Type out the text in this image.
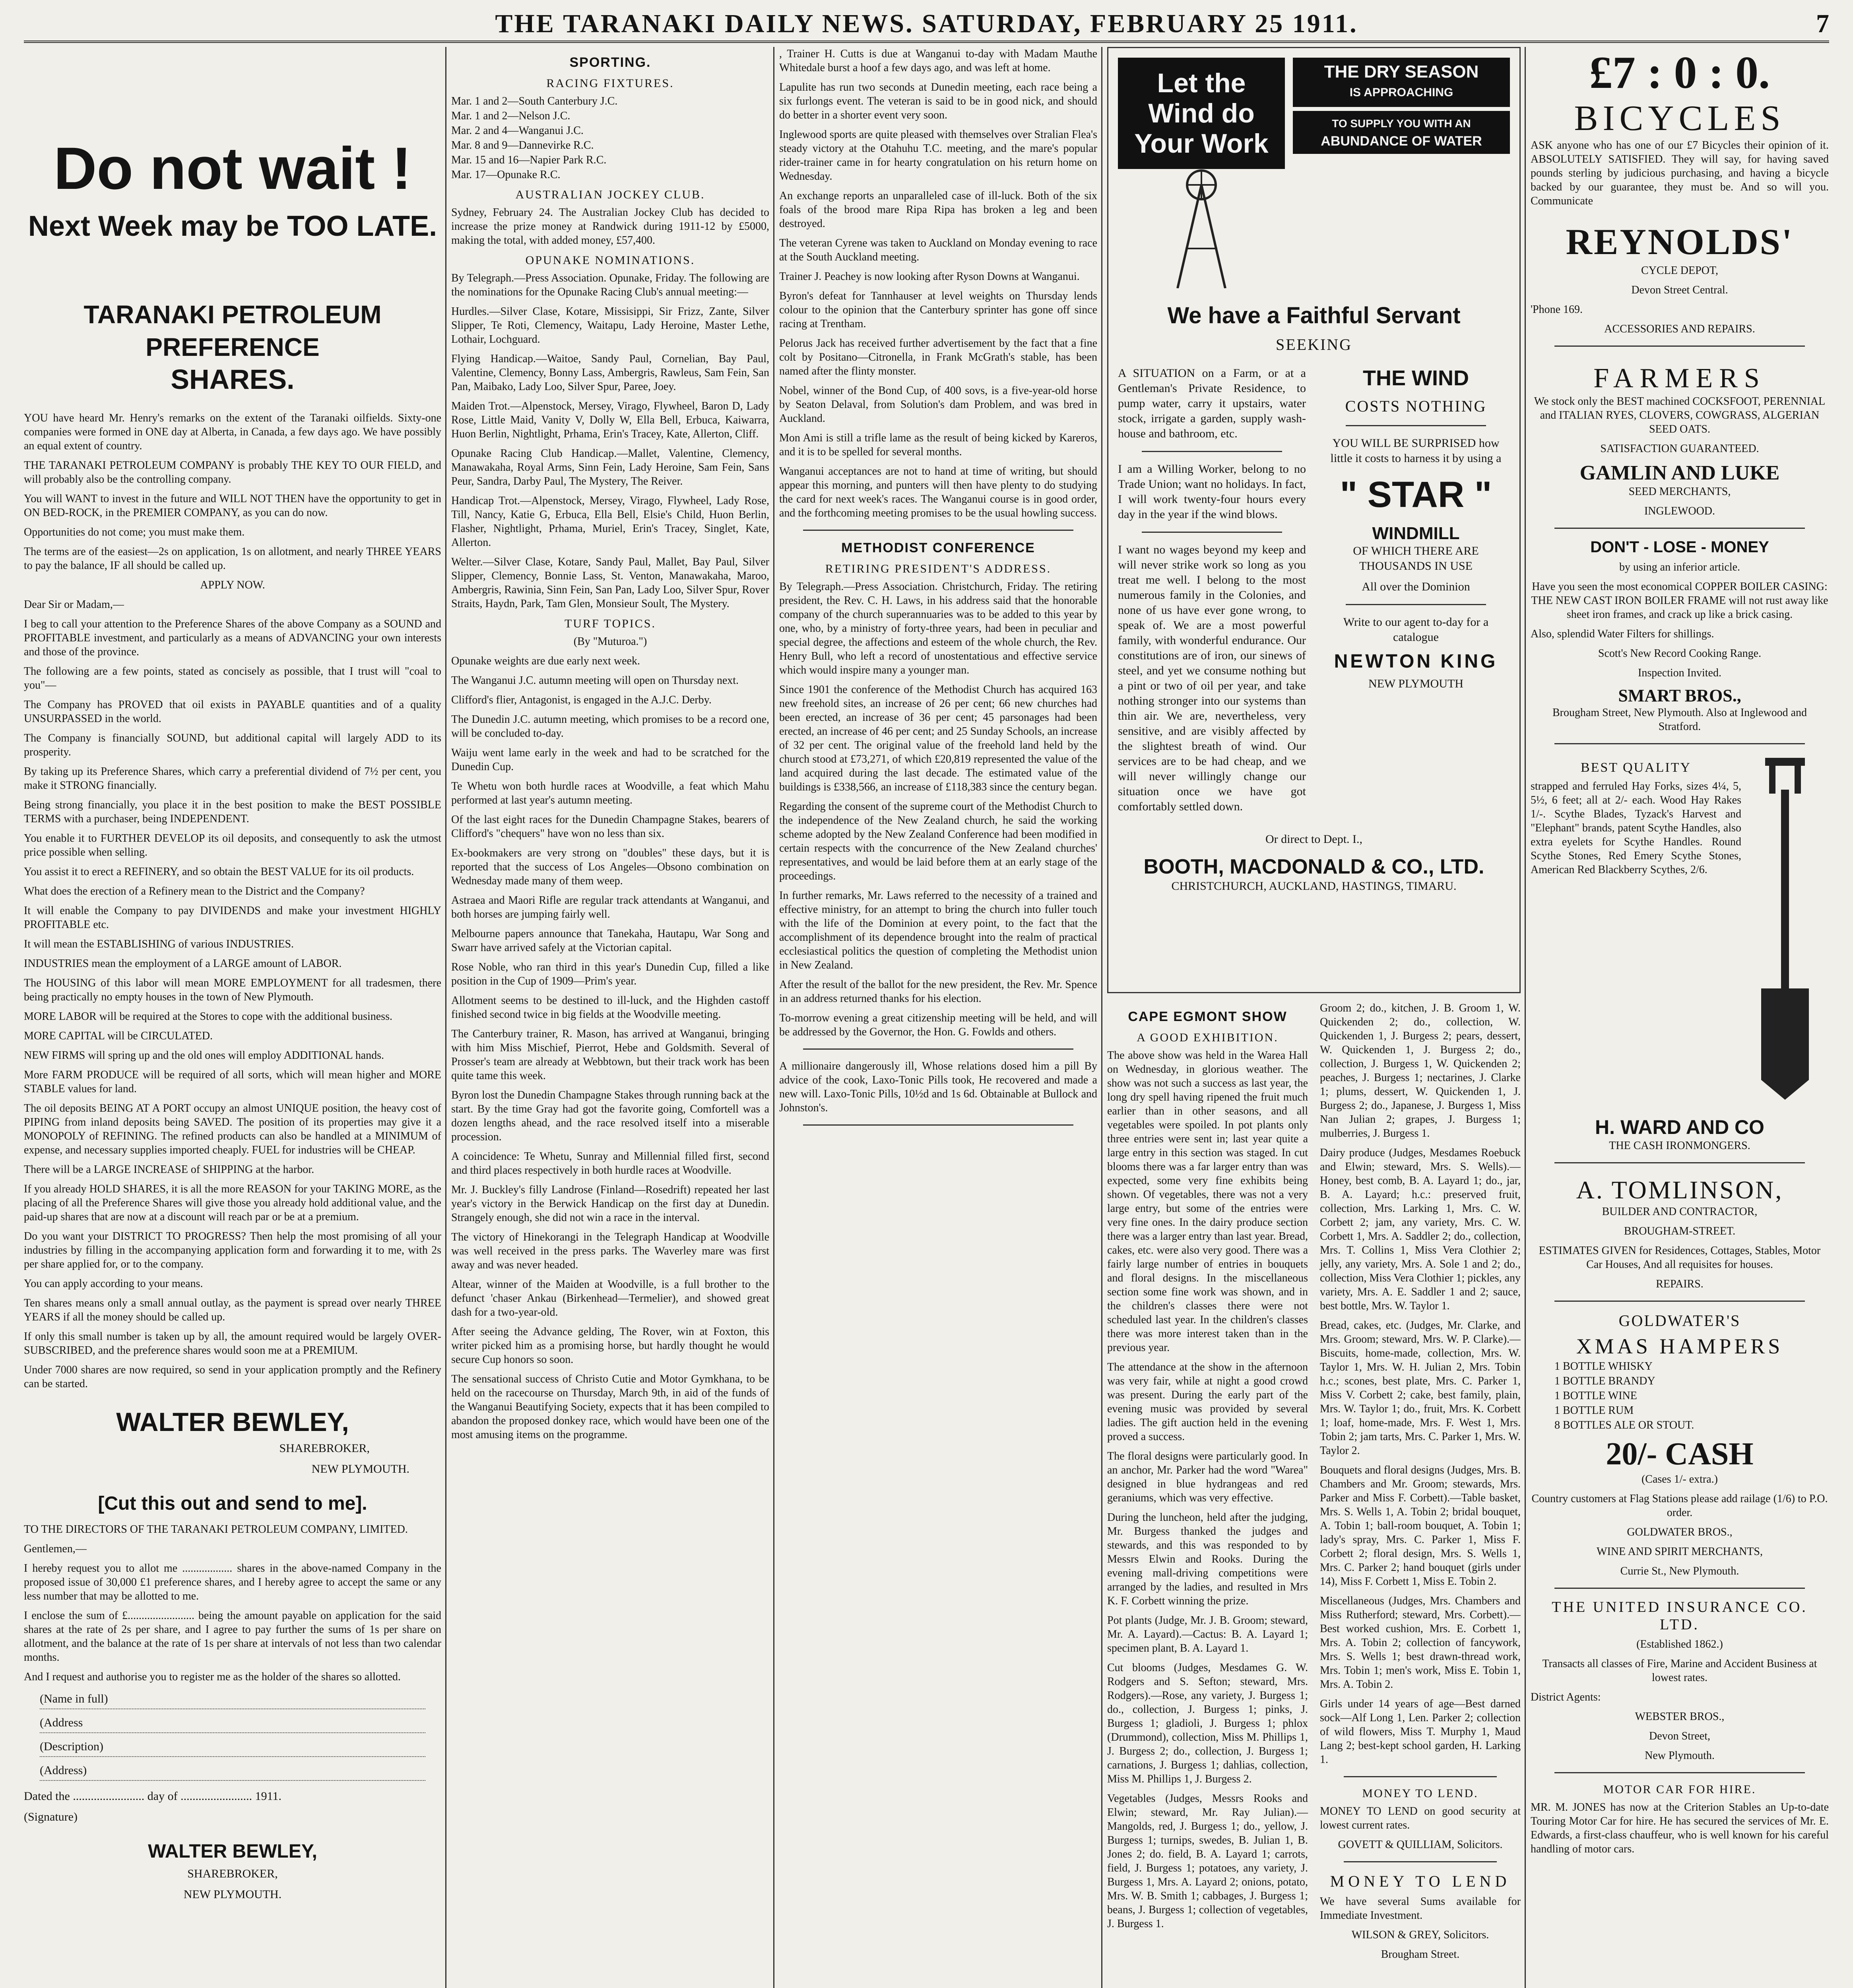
THE TARANAKI DAILY NEWS. SATURDAY, FEBRUARY 25 1911.	7
Do not wait !
Next Week may be TOO LATE.
TARANAKI PETROLEUM PREFERENCE
SHARES.

YOU have heard Mr. Henry's remarks on the extent of the Taranaki oilfields. Sixty-one companies were formed in ONE day at Alberta, in Canada, a few days ago. We have possibly an equal extent of country.

THE TARANAKI PETROLEUM COMPANY is probably THE KEY TO OUR FIELD, and will probably also be the controlling company.

You will WANT to invest in the future and WILL NOT THEN have the opportunity to get in ON BED-ROCK, in the PREMIER COMPANY, as you can do now.

Opportunities do not come; you must make them.

The terms are of the easiest—2s on application, 1s on allotment, and nearly THREE YEARS to pay the balance, IF all should be called up.

APPLY NOW.

Dear Sir or Madam,—

I beg to call your attention to the Preference Shares of the above Company as a SOUND and PROFITABLE investment, and particularly as a means of ADVANCING your own interests and those of the province.

The following are a few points, stated as concisely as possible, that I trust will "coal to you"—

The Company has PROVED that oil exists in PAYABLE quantities and of a quality UNSURPASSED in the world.

The Company is financially SOUND, but additional capital will largely ADD to its prosperity.

By taking up its Preference Shares, which carry a preferential dividend of 7½ per cent, you make it STRONG financially.

Being strong financially, you place it in the best position to make the BEST POSSIBLE TERMS with a purchaser, being INDEPENDENT.

You enable it to FURTHER DEVELOP its oil deposits, and consequently to ask the utmost price possible when selling.

You assist it to erect a REFINERY, and so obtain the BEST VALUE for its oil products.

What does the erection of a Refinery mean to the District and the Company?

It will enable the Company to pay DIVIDENDS and make your investment HIGHLY PROFITABLE etc.

It will mean the ESTABLISHING of various INDUSTRIES.

INDUSTRIES mean the employment of a LARGE amount of LABOR.

The HOUSING of this labor will mean MORE EMPLOYMENT for all tradesmen, there being practically no empty houses in the town of New Plymouth.

MORE LABOR will be required at the Stores to cope with the additional business.

MORE CAPITAL will be CIRCULATED.

NEW FIRMS will spring up and the old ones will employ ADDITIONAL hands.

More FARM PRODUCE will be required of all sorts, which will mean higher and MORE STABLE values for land.

The oil deposits BEING AT A PORT occupy an almost UNIQUE position, the heavy cost of PIPING from inland deposits being SAVED. The position of its properties may give it a MONOPOLY of REFINING. The refined products can also be handled at a MINIMUM of expense, and necessary supplies imported cheaply. FUEL for industries will be CHEAP.

There will be a LARGE INCREASE of SHIPPING at the harbor.

If you already HOLD SHARES, it is all the more REASON for your TAKING MORE, as the placing of all the Preference Shares will give those you already hold additional value, and the paid-up shares that are now at a discount will reach par or be at a premium.

Do you want your DISTRICT TO PROGRESS? Then help the most promising of all your industries by filling in the accompanying application form and forwarding it to me, with 2s per share applied for, or to the company.

You can apply according to your means.

Ten shares means only a small annual outlay, as the payment is spread over nearly THREE YEARS if all the money should be called up.

If only this small number is taken up by all, the amount required would be largely OVER-SUBSCRIBED, and the preference shares would soon me at a PREMIUM.

Under 7000 shares are now required, so send in your application promptly and the Refinery can be started.

WALTER BEWLEY,

SHAREBROKER,

NEW PLYMOUTH.

[Cut this out and send to me].

TO THE DIRECTORS OF THE TARANAKI PETROLEUM COMPANY, LIMITED.

Gentlemen,—

I hereby request you to allot me .................. shares in the above-named Company in the proposed issue of 30,000 £1 preference shares, and I hereby agree to accept the same or any less number that may be allotted to me.

I enclose the sum of £........................ being the amount payable on application for the said shares at the rate of 2s per share, and I agree to pay further the sums of 1s per share on allotment, and the balance at the rate of 1s per share at intervals of not less than two calendar months.

And I request and authorise you to register me as the holder of the shares so allotted.

(Name in full)
(Address
(Description)
(Address)

Dated the ........................ day of ........................ 1911.

(Signature)

WALTER BEWLEY,

SHAREBROKER,

NEW PLYMOUTH.

SPORTING.
RACING FIXTURES.

Mar. 1 and 2—South Canterbury J.C.

Mar. 1 and 2—Nelson J.C.

Mar. 2 and 4—Wanganui J.C.

Mar. 8 and 9—Dannevirke R.C.

Mar. 15 and 16—Napier Park R.C.

Mar. 17—Opunake R.C.

AUSTRALIAN JOCKEY CLUB.

Sydney, February 24. The Australian Jockey Club has decided to increase the prize money at Randwick during 1911-12 by £5000, making the total, with added money, £57,400.

OPUNAKE NOMINATIONS.

By Telegraph.—Press Association. Opunake, Friday. The following are the nominations for the Opunake Racing Club's annual meeting:—

Hurdles.—Silver Clase, Kotare, Missisippi, Sir Frizz, Zante, Silver Slipper, Te Roti, Clemency, Waitapu, Lady Heroine, Master Lethe, Lothair, Lochguard.

Flying Handicap.—Waitoe, Sandy Paul, Cornelian, Bay Paul, Valentine, Clemency, Bonny Lass, Ambergris, Rawleus, Sam Fein, San Pan, Maibako, Lady Loo, Silver Spur, Paree, Joey.

Maiden Trot.—Alpenstock, Mersey, Virago, Flywheel, Baron D, Lady Rose, Little Maid, Vanity V, Dolly W, Ella Bell, Erbuca, Kaiwarra, Huon Berlin, Nightlight, Prhama, Erin's Tracey, Kate, Allerton, Cliff.

Opunake Racing Club Handicap.—Mallet, Valentine, Clemency, Manawakaha, Royal Arms, Sinn Fein, Lady Heroine, Sam Fein, Sans Peur, Sandra, Darby Paul, The Mystery, The Reiver.

Handicap Trot.—Alpenstock, Mersey, Virago, Flywheel, Lady Rose, Till, Nancy, Katie G, Erbuca, Ella Bell, Elsie's Child, Huon Berlin, Flasher, Nightlight, Prhama, Muriel, Erin's Tracey, Singlet, Kate, Allerton.

Welter.—Silver Clase, Kotare, Sandy Paul, Mallet, Bay Paul, Silver Slipper, Clemency, Bonnie Lass, St. Venton, Manawakaha, Maroo, Ambergris, Rawinia, Sinn Fein, San Pan, Lady Loo, Silver Spur, Rover Straits, Haydn, Park, Tam Glen, Monsieur Soult, The Mystery.

TURF TOPICS.

(By "Muturoa.")

Opunake weights are due early next week.

The Wanganui J.C. autumn meeting will open on Thursday next.

Clifford's flier, Antagonist, is engaged in the A.J.C. Derby.

The Dunedin J.C. autumn meeting, which promises to be a record one, will be concluded to-day.

Waiju went lame early in the week and had to be scratched for the Dunedin Cup.

Te Whetu won both hurdle races at Woodville, a feat which Mahu performed at last year's autumn meeting.

Of the last eight races for the Dunedin Champagne Stakes, bearers of Clifford's "chequers" have won no less than six.

Ex-bookmakers are very strong on "doubles" these days, but it is reported that the success of Los Angeles—Obsono combination on Wednesday made many of them weep.

Astraea and Maori Rifle are regular track attendants at Wanganui, and both horses are jumping fairly well.

Melbourne papers announce that Tanekaha, Hautapu, War Song and Swarr have arrived safely at the Victorian capital.

Rose Noble, who ran third in this year's Dunedin Cup, filled a like position in the Cup of 1909—Prim's year.

Allotment seems to be destined to ill-luck, and the Highden castoff finished second twice in big fields at the Woodville meeting.

The Canterbury trainer, R. Mason, has arrived at Wanganui, bringing with him Miss Mischief, Pierrot, Hebe and Goldsmith. Several of Prosser's team are already at Webbtown, but their track work has been quite tame this week.

Byron lost the Dunedin Champagne Stakes through running back at the start. By the time Gray had got the favorite going, Comfortell was a dozen lengths ahead, and the race resolved itself into a miserable procession.

A coincidence: Te Whetu, Sunray and Millennial filled first, second and third places respectively in both hurdle races at Woodville.

Mr. J. Buckley's filly Landrose (Finland—Rosedrift) repeated her last year's victory in the Berwick Handicap on the first day at Dunedin. Strangely enough, she did not win a race in the interval.

The victory of Hinekorangi in the Telegraph Handicap at Woodville was well received in the press parks. The Waverley mare was first away and was never headed.

Altear, winner of the Maiden at Woodville, is a full brother to the defunct 'chaser Ankau (Birkenhead—Termelier), and showed great dash for a two-year-old.

After seeing the Advance gelding, The Rover, win at Foxton, this writer picked him as a promising horse, but hardly thought he would secure Cup honors so soon.

The sensational success of Christo Cutie and Motor Gymkhana, to be held on the racecourse on Thursday, March 9th, in aid of the funds of the Wanganui Beautifying Society, expects that it has been compiled to abandon the proposed donkey race, which would have been one of the most amusing items on the programme.

, Trainer H. Cutts is due at Wanganui to-day with Madam Mauthe Whitedale burst a hoof a few days ago, and was left at home.

Lapulite has run two seconds at Dunedin meeting, each race being a six furlongs event. The veteran is said to be in good nick, and should do better in a shorter event very soon.

Inglewood sports are quite pleased with themselves over Stralian Flea's steady victory at the Otahuhu T.C. meeting, and the mare's popular rider-trainer came in for hearty congratulation on his return home on Wednesday.

An exchange reports an unparalleled case of ill-luck. Both of the six foals of the brood mare Ripa Ripa has broken a leg and been destroyed.

The veteran Cyrene was taken to Auckland on Monday evening to race at the South Auckland meeting.

Trainer J. Peachey is now looking after Ryson Downs at Wanganui.

Byron's defeat for Tannhauser at level weights on Thursday lends colour to the opinion that the Canterbury sprinter has gone off since racing at Trentham.

Pelorus Jack has received further advertisement by the fact that a fine colt by Positano—Citronella, in Frank McGrath's stable, has been named after the flinty monster.

Nobel, winner of the Bond Cup, of 400 sovs, is a five-year-old horse by Seaton Delaval, from Solution's dam Problem, and was bred in Auckland.

Mon Ami is still a trifle lame as the result of being kicked by Kareros, and it is to be spelled for several months.

Wanganui acceptances are not to hand at time of writing, but should appear this morning, and punters will then have plenty to do studying the card for next week's races. The Wanganui course is in good order, and the forthcoming meeting promises to be the usual howling success.

METHODIST CONFERENCE
RETIRING PRESIDENT'S ADDRESS.

By Telegraph.—Press Association. Christchurch, Friday. The retiring president, the Rev. C. H. Laws, in his address said that the honorable company of the church superannuaries was to be added to this year by one, who, by a ministry of forty-three years, had been in peculiar and special degree, the affections and esteem of the whole church, the Rev. Henry Bull, who left a record of unostentatious and effective service which would inspire many a younger man.

Since 1901 the conference of the Methodist Church has acquired 163 new freehold sites, an increase of 26 per cent; 66 new churches had been erected, an increase of 36 per cent; 45 parsonages had been erected, an increase of 46 per cent; and 25 Sunday Schools, an increase of 32 per cent. The original value of the freehold land held by the church stood at £73,271, of which £20,819 represented the value of the land acquired during the last decade. The estimated value of the buildings is £338,566, an increase of £118,383 since the century began.

Regarding the consent of the supreme court of the Methodist Church to the independence of the New Zealand church, he said the working scheme adopted by the New Zealand Conference had been modified in certain respects with the concurrence of the New Zealand churches' representatives, and would be laid before them at an early stage of the proceedings.

In further remarks, Mr. Laws referred to the necessity of a trained and effective ministry, for an attempt to bring the church into fuller touch with the life of the Dominion at every point, to the fact that the accomplishment of its dependence brought into the realm of practical ecclesiastical politics the question of completing the Methodist union in New Zealand.

After the result of the ballot for the new president, the Rev. Mr. Spence in an address returned thanks for his election.

To-morrow evening a great citizenship meeting will be held, and will be addressed by the Governor, the Hon. G. Fowlds and others.

A millionaire dangerously ill, Whose relations dosed him a pill By advice of the cook, Laxo-Tonic Pills took, He recovered and made a new will. Laxo-Tonic Pills, 10½d and 1s 6d. Obtainable at Bullock and Johnston's.

Let the
Wind do
Your Work
THE DRY SEASON
IS APPROACHING
TO SUPPLY YOU WITH AN
ABUNDANCE OF WATER
We have a Faithful Servant
SEEKING

A SITUATION on a Farm, or at a Gentleman's Private Residence, to pump water, carry it upstairs, water stock, irrigate a garden, supply wash-house and bathroom, etc.

I am a Willing Worker, belong to no Trade Union; want no holidays. In fact, I will work twenty-four hours every day in the year if the wind blows.

I want no wages beyond my keep and will never strike work so long as you treat me well. I belong to the most numerous family in the Colonies, and none of us have ever gone wrong, to speak of. We are a most powerful family, with wonderful endurance. Our constitutions are of iron, our sinews of steel, and yet we consume nothing but a pint or two of oil per year, and take nothing stronger into our systems than thin air. We are, nevertheless, very sensitive, and are visibly affected by the slightest breath of wind. Our services are to be had cheap, and we will never willingly change our situation once we have got comfortably settled down.

THE WIND
COSTS NOTHING

YOU WILL BE SURPRISED how little it costs to harness it by using a

" STAR "
WINDMILL

OF WHICH THERE ARE THOUSANDS IN USE

All over the Dominion

Write to our agent to-day for a catalogue

NEWTON KING

NEW PLYMOUTH

Or direct to Dept. I.,

BOOTH, MACDONALD & CO., LTD.

CHRISTCHURCH, AUCKLAND, HASTINGS, TIMARU.

CAPE EGMONT SHOW
A GOOD EXHIBITION.

The above show was held in the Warea Hall on Wednesday, in glorious weather. The show was not such a success as last year, the long dry spell having ripened the fruit much earlier than in other seasons, and all vegetables were spoiled. In pot plants only three entries were sent in; last year quite a large entry in this section was staged. In cut blooms there was a far larger entry than was expected, some very fine exhibits being shown. Of vegetables, there was not a very large entry, but some of the entries were very fine ones. In the dairy produce section there was a larger entry than last year. Bread, cakes, etc. were also very good. There was a fairly large number of entries in bouquets and floral designs. In the miscellaneous section some fine work was shown, and in the children's classes there were not scheduled last year. In the children's classes there was more interest taken than in the previous year.

The attendance at the show in the afternoon was very fair, while at night a good crowd was present. During the early part of the evening music was provided by several ladies. The gift auction held in the evening proved a success.

The floral designs were particularly good. In an anchor, Mr. Parker had the word "Warea" designed in blue hydrangeas and red geraniums, which was very effective.

During the luncheon, held after the judging, Mr. Burgess thanked the judges and stewards, and this was responded to by Messrs Elwin and Rooks. During the evening mall-driving competitions were arranged by the ladies, and resulted in Mrs K. F. Corbett winning the prize.

Pot plants (Judge, Mr. J. B. Groom; steward, Mr. A. Layard).—Cactus: B. A. Layard 1; specimen plant, B. A. Layard 1.

Cut blooms (Judges, Mesdames G. W. Rodgers and S. Sefton; steward, Mrs. Rodgers).—Rose, any variety, J. Burgess 1; do., collection, J. Burgess 1; pinks, J. Burgess 1; gladioli, J. Burgess 1; phlox (Drummond), collection, Miss M. Phillips 1, J. Burgess 2; do., collection, J. Burgess 1; carnations, J. Burgess 1; dahlias, collection, Miss M. Phillips 1, J. Burgess 2.

Vegetables (Judges, Messrs Rooks and Elwin; steward, Mr. Ray Julian).—Mangolds, red, J. Burgess 1; do., yellow, J. Burgess 1; turnips, swedes, B. Julian 1, B. Jones 2; do. field, B. A. Layard 1; carrots, field, J. Burgess 1; potatoes, any variety, J. Burgess 1, Mrs. A. Layard 2; onions, potato, Mrs. W. B. Smith 1; cabbages, J. Burgess 1; beans, J. Burgess 1; collection of vegetables, J. Burgess 1.

Groom 2; do., kitchen, J. B. Groom 1, W. Quickenden 2; do., collection, W. Quickenden 1, J. Burgess 2; pears, dessert, W. Quickenden 1, J. Burgess 2; do., collection, J. Burgess 1, W. Quickenden 2; peaches, J. Burgess 1; nectarines, J. Clarke 1; plums, dessert, W. Quickenden 1, J. Burgess 2; do., Japanese, J. Burgess 1, Miss Nan Julian 2; grapes, J. Burgess 1; mulberries, J. Burgess 1.

Dairy produce (Judges, Mesdames Roebuck and Elwin; steward, Mrs. S. Wells).—Honey, best comb, B. A. Layard 1; do., jar, B. A. Layard; h.c.: preserved fruit, collection, Mrs. Larking 1, Mrs. C. W. Corbett 2; jam, any variety, Mrs. C. W. Corbett 1, Mrs. A. Saddler 2; do., collection, Mrs. T. Collins 1, Miss Vera Clothier 2; jelly, any variety, Mrs. A. Sole 1 and 2; do., collection, Miss Vera Clothier 1; pickles, any variety, Mrs. A. E. Saddler 1 and 2; sauce, best bottle, Mrs. W. Taylor 1.

Bread, cakes, etc. (Judges, Mr. Clarke, and Mrs. Groom; steward, Mrs. W. P. Clarke).—Biscuits, home-made, collection, Mrs. W. Taylor 1, Mrs. W. H. Julian 2, Mrs. Tobin h.c.; scones, best plate, Mrs. C. Parker 1, Miss V. Corbett 2; cake, best family, plain, Mrs. W. Taylor 1; do., fruit, Mrs. K. Corbett 1; loaf, home-made, Mrs. F. West 1, Mrs. Tobin 2; jam tarts, Mrs. C. Parker 1, Mrs. W. Taylor 2.

Bouquets and floral designs (Judges, Mrs. B. Chambers and Mr. Groom; stewards, Mrs. Parker and Miss F. Corbett).—Table basket, Mrs. S. Wells 1, A. Tobin 2; bridal bouquet, A. Tobin 1; ball-room bouquet, A. Tobin 1; lady's spray, Mrs. C. Parker 1, Miss F. Corbett 2; floral design, Mrs. S. Wells 1, Mrs. C. Parker 2; hand bouquet (girls under 14), Miss F. Corbett 1, Miss E. Tobin 2.

Miscellaneous (Judges, Mrs. Chambers and Miss Rutherford; steward, Mrs. Corbett).—Best worked cushion, Mrs. E. Corbett 1, Mrs. A. Tobin 2; collection of fancywork, Mrs. S. Wells 1; best drawn-thread work, Mrs. Tobin 1; men's work, Miss E. Tobin 1, Mrs. A. Tobin 2.

Girls under 14 years of age—Best darned sock—Alf Long 1, Len. Parker 2; collection of wild flowers, Miss T. Murphy 1, Maud Lang 2; best-kept school garden, H. Larking 1.

MONEY TO LEND.

MONEY TO LEND on good security at lowest current rates.

GOVETT & QUILLIAM, Solicitors.

MONEY TO LEND

We have several Sums available for Immediate Investment.

WILSON & GREY, Solicitors.

Brougham Street.

£7 : 0 : 0.
BICYCLES

ASK anyone who has one of our £7 Bicycles their opinion of it. ABSOLUTELY SATISFIED. They will say, for having saved pounds sterling by judicious purchasing, and having a bicycle backed by our guarantee, they must be. And so will you. Communicate

REYNOLDS'

CYCLE DEPOT,

Devon Street Central.

'Phone 169.

ACCESSORIES AND REPAIRS.

FARMERS

We stock only the BEST machined COCKSFOOT, PERENNIAL and ITALIAN RYES, CLOVERS, COWGRASS, ALGERIAN SEED OATS.

SATISFACTION GUARANTEED.

GAMLIN AND LUKE

SEED MERCHANTS,

INGLEWOOD.

DON'T - LOSE - MONEY

by using an inferior article.

Have you seen the most economical COPPER BOILER CASING: THE NEW CAST IRON BOILER FRAME will not rust away like sheet iron frames, and crack up like a brick casing.

Also, splendid Water Filters for shillings.

Scott's New Record Cooking Range.

Inspection Invited.

SMART BROS.,

Brougham Street, New Plymouth. Also at Inglewood and Stratford.

BEST QUALITY

strapped and ferruled Hay Forks, sizes 4¼, 5, 5½, 6 feet; all at 2/- each. Wood Hay Rakes 1/-. Scythe Blades, Tyzack's Harvest and "Elephant" brands, patent Scythe Handles, also extra eyelets for Scythe Handles. Round Scythe Stones, Red Emery Scythe Stones, American Red Blackberry Scythes, 2/6.

H. WARD AND CO

THE CASH IRONMONGERS.

A. TOMLINSON,

BUILDER AND CONTRACTOR,

BROUGHAM-STREET.

ESTIMATES GIVEN for Residences, Cottages, Stables, Motor Car Houses, And all requisites for houses.

REPAIRS.

GOLDWATER'S
XMAS HAMPERS

1 BOTTLE WHISKY

1 BOTTLE BRANDY

1 BOTTLE WINE

1 BOTTLE RUM

8 BOTTLES ALE OR STOUT.

20/- CASH

(Cases 1/- extra.)

Country customers at Flag Stations please add railage (1/6) to P.O. order.

GOLDWATER BROS.,

WINE AND SPIRIT MERCHANTS,

Currie St., New Plymouth.

THE UNITED INSURANCE CO. LTD.

(Established 1862.)

Transacts all classes of Fire, Marine and Accident Business at lowest rates.

District Agents:

WEBSTER BROS.,

Devon Street,

New Plymouth.

MOTOR CAR FOR HIRE.

MR. M. JONES has now at the Criterion Stables an Up-to-date Touring Motor Car for hire. He has secured the services of Mr. E. Edwards, a first-class chauffeur, who is well known for his careful handling of motor cars.
